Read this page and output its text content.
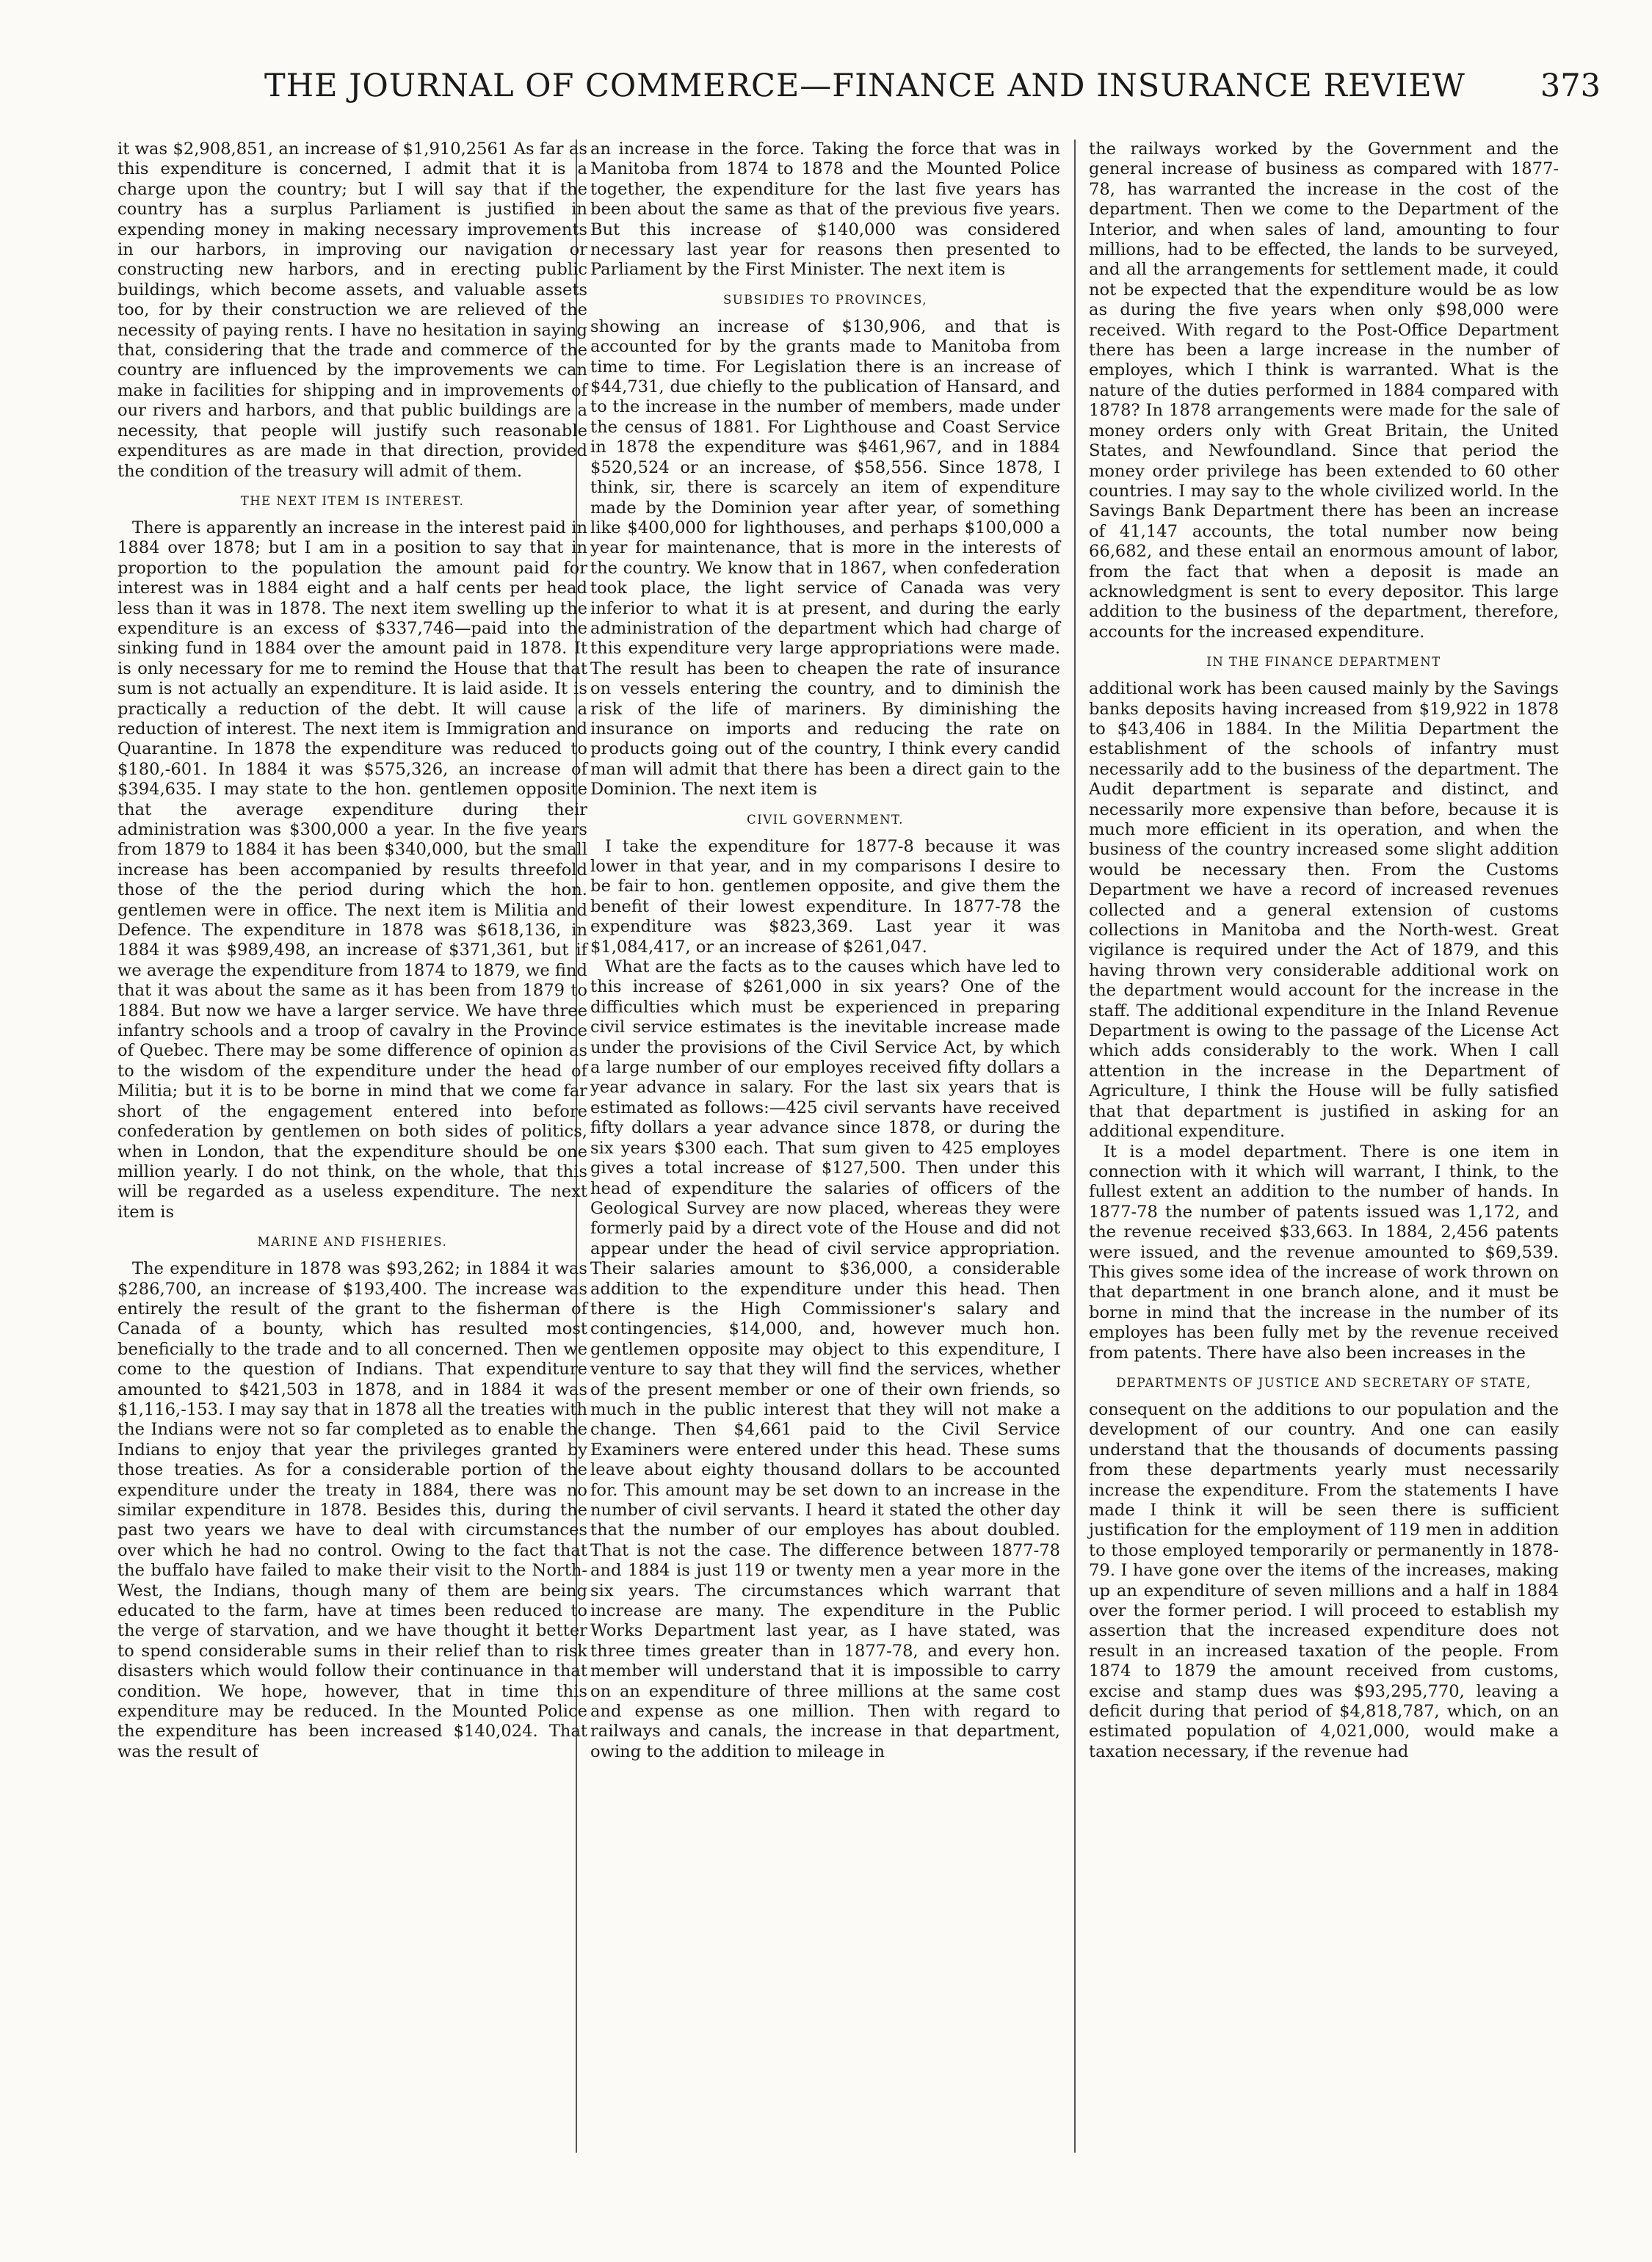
THE JOURNAL OF COMMERCE—FINANCE AND INSURANCE REVIEW 373

it was $2,908,851, an increase of $1,910,2561 As far as this expenditure is concerned, I admit that it is a charge upon the country; but I will say that if the country has a surplus Parliament is justified in expending money in making necessary improvements in our harbors, in improving our navigation or constructing new harbors, and in erecting public buildings, which become assets, and valuable assets too, for by their construction we are relieved of the necessity of paying rents. I have no hesitation in saying that, considering that the trade and commerce of the country are influenced by the improvements we can make in facilities for shipping and in improvements of our rivers and harbors, and that public buildings are a necessity, that people will justify such reasonable expenditures as are made in that direction, provided the condition of the treasury will admit of them.

THE NEXT ITEM IS INTEREST.

There is apparently an increase in the interest paid in 1884 over 1878; but I am in a position to say that in proportion to the population the amount paid for interest was in 1884 eight and a half cents per head less than it was in 1878. The next item swelling up the expenditure is an excess of $337,746—paid into the sinking fund in 1884 over the amount paid in 1878. It is only necessary for me to remind the House that that sum is not actually an expenditure. It is laid aside. It is practically a reduction of the debt. It will cause a reduction of interest. The next item is Immigration and Quarantine. In 1878 the expenditure was reduced to $180,-601. In 1884 it was $575,326, an increase of $394,635. I may state to the hon. gentlemen opposite that the average expenditure during their administration was $300,000 a year. In the five years from 1879 to 1884 it has been $340,000, but the small increase has been accompanied by results threefold those of the the period during which the hon. gentlemen were in office. The next item is Militia and Defence. The expenditure in 1878 was $618,136, in 1884 it was $989,498, an increase of $371,361, but if we average the expenditure from 1874 to 1879, we find that it was about the same as it has been from 1879 to 1884. But now we have a larger service. We have three infantry schools and a troop of cavalry in the Province of Quebec. There may be some difference of opinion as to the wisdom of the expenditure under the head of Militia; but it is to be borne in mind that we come far short of the engagement entered into before confederation by gentlemen on both sides of politics, when in London, that the expenditure should be one million yearly. I do not think, on the whole, that this will be regarded as a useless expenditure. The next item is

MARINE AND FISHERIES.

The expenditure in 1878 was $93,262; in 1884 it was $286,700, an increase of $193,400. The increase was entirely the result of the grant to the fisherman of Canada of a bounty, which has resulted most beneficially to the trade and to all concerned. Then we come to the question of Indians. That expenditure amounted to $421,503 in 1878, and in 1884 it was $1,116,-153. I may say that in 1878 all the treaties with the Indians were not so far completed as to enable the Indians to enjoy that year the privileges granted by those treaties. As for a considerable portion of the expenditure under the treaty in 1884, there was no similar expenditure in 1878. Besides this, during the past two years we have to deal with circumstances over which he had no control. Owing to the fact that the buffalo have failed to make their visit to the North-West, the Indians, though many of them are being educated to the farm, have at times been reduced to the verge of starvation, and we have thought it better to spend considerable sums in their relief than to risk disasters which would follow their continuance in that condition. We hope, however, that in time this expenditure may be reduced. In the Mounted Police the expenditure has been increased $140,024. That was the result of

an increase in the force. Taking the force that was in Manitoba from 1874 to 1878 and the Mounted Police together, the expenditure for the last five years has been about the same as that of the previous five years. But this increase of $140,000 was considered necessary last year for reasons then presented to Parliament by the First Minister. The next item is

SUBSIDIES TO PROVINCES,

showing an increase of $130,906, and that is accounted for by the grants made to Manitoba from time to time. For Legislation there is an increase of $44,731, due chiefly to the publication of Hansard, and to the increase in the number of members, made under the census of 1881. For Lighthouse and Coast Service in 1878 the expenditure was $461,967, and in 1884 $520,524 or an increase, of $58,556. Since 1878, I think, sir, there is scarcely an item of expenditure made by the Dominion year after year, of something like $400,000 for lighthouses, and perhaps $100,000 a year for maintenance, that is more in the interests of the country. We know that in 1867, when confederation took place, the light service of Canada was very inferior to what it is at present, and during the early administration of the department which had charge of this expenditure very large appropriations were made. The result has been to cheapen the rate of insurance on vessels entering the country, and to diminish the risk of the life of mariners. By diminishing the insurance on imports and reducing the rate on products going out of the country, I think every candid man will admit that there has been a direct gain to the Dominion. The next item is

CIVIL GOVERNMENT.

I take the expenditure for 1877-8 because it was lower in that year, and in my comparisons I desire to be fair to hon. gentlemen opposite, and give them the benefit of their lowest expenditure. In 1877-78 the expenditure was $823,369. Last year it was $1,084,417, or an increase of $261,047.

What are the facts as to the causes which have led to this increase of $261,000 in six years? One of the difficulties which must be experienced in preparing civil service estimates is the inevitable increase made under the provisions of the Civil Service Act, by which a large number of our employes received fifty dollars a year advance in salary. For the last six years that is estimated as follows:—425 civil servants have received fifty dollars a year advance since 1878, or during the six years $300 each. That sum given to 425 employes gives a total increase of $127,500. Then under this head of expenditure the salaries of officers of the Geological Survey are now placed, whereas they were formerly paid by a direct vote of the House and did not appear under the head of civil service appropriation. Their salaries amount to $36,000, a considerable addition to the expenditure under this head. Then there is the High Commissioner's salary and contingencies, $14,000, and, however much hon. gentlemen opposite may object to this expenditure, I venture to say that they will find the services, whether of the present member or one of their own friends, so much in the public interest that they will not make a change. Then $4,661 paid to the Civil Service Examiners were entered under this head. These sums leave about eighty thousand dollars to be accounted for. This amount may be set down to an increase in the number of civil servants. I heard it stated the other day that the number of our employes has about doubled. That is not the case. The difference between 1877-78 and 1884 is just 119 or twenty men a year more in the six years. The circumstances which warrant that increase are many. The expenditure in the Public Works Department last year, as I have stated, was three times greater than in 1877-78, and every hon. member will understand that it is impossible to carry on an expenditure of three millions at the same cost and expense as one million. Then with regard to railways and canals, the increase in that department, owing to the addition to mileage in

the railways worked by the Government and the general increase of business as compared with 1877-78, has warranted the increase in the cost of the department. Then we come to the Department of the Interior, and when sales of land, amounting to four millions, had to be effected, the lands to be surveyed, and all the arrangements for settlement made, it could not be expected that the expenditure would be as low as during the five years when only $98,000 were received. With regard to the Post-Office Department there has been a large increase in the number of employes, which I think is warranted. What is the nature of the duties performed in 1884 compared with 1878? In 1878 arrangements were made for the sale of money orders only with Great Britain, the United States, and Newfoundland. Since that period the money order privilege has been extended to 60 other countries. I may say to the whole civilized world. In the Savings Bank Department there has been an increase of 41,147 accounts, the total number now being 66,682, and these entail an enormous amount of labor, from the fact that when a deposit is made an acknowledgment is sent to every depositor. This large addition to the business of the department, therefore, accounts for the increased expenditure.

IN THE FINANCE DEPARTMENT

additional work has been caused mainly by the Savings banks deposits having increased from $19,922 in 1878 to $43,406 in 1884. In the Militia Department the establishment of the schools of infantry must necessarily add to the business of the department. The Audit department is separate and distinct, and necessarily more expensive than before, because it is much more efficient in its operation, and when the business of the country increased some slight addition would be necessary then. From the Customs Department we have a record of increased revenues collected and a general extension of customs collections in Manitoba and the North-west. Great vigilance is required under the Act of 1879, and this having thrown very considerable additional work on the department would account for the increase in the staff. The additional expenditure in the Inland Revenue Department is owing to the passage of the License Act which adds considerably to the work. When I call attention in the increase in the Department of Agriculture, I think the House will be fully satisfied that that department is justified in asking for an additional expenditure.

It is a model department. There is one item in connection with it which will warrant, I think, to the fullest extent an addition to the number of hands. In 1877-78 the number of patents issued was 1,172, and the revenue received $33,663. In 1884, 2,456 patents were issued, and the revenue amounted to $69,539. This gives some idea of the increase of work thrown on that department in one branch alone, and it must be borne in mind that the increase in the number of its employes has been fully met by the revenue received from patents. There have also been increases in the

DEPARTMENTS OF JUSTICE AND SECRETARY OF STATE,

consequent on the additions to our population and the development of our country. And one can easily understand that the thousands of documents passing from these departments yearly must necessarily increase the expenditure. From the statements I have made I think it will be seen there is sufficient justification for the employment of 119 men in addition to those employed temporarily or permanently in 1878-79. I have gone over the items of the increases, making up an expenditure of seven millions and a half in 1884 over the former period. I will proceed to establish my assertion that the increased expenditure does not result in an increased taxation of the people. From 1874 to 1879 the amount received from customs, excise and stamp dues was $93,295,770, leaving a deficit during that period of $4,818,787, which, on an estimated population of 4,021,000, would make a taxation necessary, if the revenue had
